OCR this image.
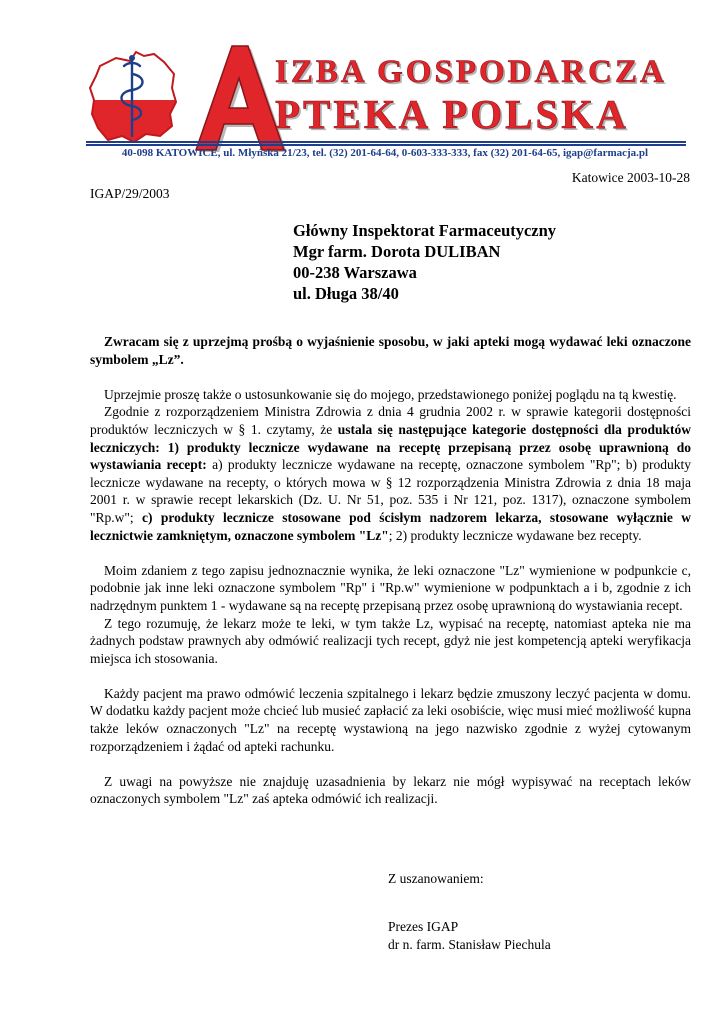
A
IZBA GOSPODARCZA
PTEKA POLSKA
40-098 KATOWICE, ul. Młyńska 21/23, tel. (32) 201-64-64, 0-603-333-333, fax (32) 201-64-65, igap@farmacja.pl
Katowice 2003-10-28
IGAP/29/2003
Główny Inspektorat Farmaceutyczny
Mgr farm. Dorota DULIBAN
00-238 Warszawa
ul. Długa 38/40

Zwracam się z uprzejmą prośbą o wyjaśnienie sposobu, w jaki apteki mogą wydawać leki oznaczone symbolem „Lz”.

Uprzejmie proszę także o ustosunkowanie się do mojego, przedstawionego poniżej poglądu na tą kwestię.

Zgodnie z rozporządzeniem Ministra Zdrowia z dnia 4 grudnia 2002 r. w sprawie kategorii dostępności produktów leczniczych w § 1. czytamy, że ustala się następujące kategorie dostępności dla produktów leczniczych: 1) produkty lecznicze wydawane na receptę przepisaną przez osobę uprawnioną do wystawiania recept: a) produkty lecznicze wydawane na receptę, oznaczone symbolem "Rp"; b) produkty lecznicze wydawane na recepty, o których mowa w § 12 rozporządzenia Ministra Zdrowia z dnia 18 maja 2001 r. w sprawie recept lekarskich (Dz. U. Nr 51, poz. 535 i Nr 121, poz. 1317), oznaczone symbolem "Rp.w"; c) produkty lecznicze stosowane pod ścisłym nadzorem lekarza, stosowane wyłącznie w lecznictwie zamkniętym, oznaczone symbolem "Lz"; 2) produkty lecznicze wydawane bez recepty.

Moim zdaniem z tego zapisu jednoznacznie wynika, że leki oznaczone "Lz" wymienione w podpunkcie c, podobnie jak inne leki oznaczone symbolem "Rp" i "Rp.w" wymienione w podpunktach a i b, zgodnie z ich nadrzędnym punktem 1 - wydawane są na receptę przepisaną przez osobę uprawnioną do wystawiania recept.

Z tego rozumuję, że lekarz może te leki, w tym także Lz, wypisać na receptę, natomiast apteka nie ma żadnych podstaw prawnych aby odmówić realizacji tych recept, gdyż nie jest kompetencją apteki weryfikacja miejsca ich stosowania.

Każdy pacjent ma prawo odmówić leczenia szpitalnego i lekarz będzie zmuszony leczyć pacjenta w domu. W dodatku każdy pacjent może chcieć lub musieć zapłacić za leki osobiście, więc musi mieć możliwość kupna także leków oznaczonych "Lz" na receptę wystawioną na jego nazwisko zgodnie z wyżej cytowanym rozporządzeniem i żądać od apteki rachunku.

Z uwagi na powyższe nie znajduję uzasadnienia by lekarz nie mógł wypisywać na receptach leków oznaczonych symbolem "Lz" zaś apteka odmówić ich realizacji.

Z uszanowaniem:
Prezes IGAP
dr n. farm. Stanisław Piechula
